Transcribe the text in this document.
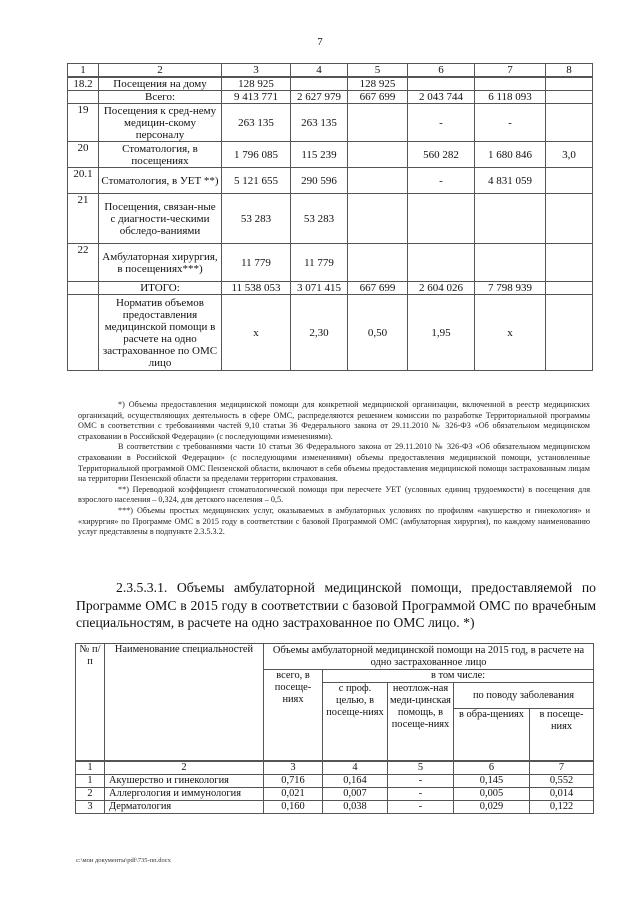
7
1	2	3	4	5	6	7	8
18.2	Посещения на дому	128 925		128 925			
	Всего:	9 413 771	2 627 979	667 699	2 043 744	6 118 093	
19	Посещения к сред-нему медицин-скому персоналу	263 135	263 135		-	-	
20	Стоматология, в посещениях	1 796 085	115 239		560 282	1 680 846	3,0
20.1	Стоматология, в УЕТ **)	5 121 655	290 596		-	4 831 059	
21	Посещения, связан-ные с диагности-ческими обследо-ваниями	53 283	53 283				
22	Амбулаторная хирургия, в посещениях***)	11 779	11 779				
	ИТОГО:	11 538 053	3 071 415	667 699	2 604 026	7 798 939	
	Норматив объемов предоставления медицинской помощи в расчете на одно застрахованное по ОМС лицо	х	2,30	0,50	1,95	х	

*) Объемы предоставления медицинской помощи для конкретной медицинской организации, включенной в реестр медицинских организаций, осуществляющих деятельность в сфере ОМС, распределяются решением комиссии по разработке Территориальной программы ОМС в соответствии с требованиями частей 9,10 статьи 36 Федерального закона от 29.11.2010 № 326-ФЗ «Об обязательном медицинском страховании в Российской Федерации» (с последующими изменениями).

В соответствии с требованиями части 10 статьи 36 Федерального закона от 29.11.2010 № 326-ФЗ «Об обязательном медицинском страховании в Российской Федерации» (с последующими изменениями) объемы предоставления медицинской помощи, установленные Территориальной программой ОМС Пензенской области, включают в себя объемы предоставления медицинской помощи застрахованным лицам на территории Пензенской области за пределами территории страхования.

**) Переводной коэффициент стоматологической помощи при пересчете УЕТ (условных единиц трудоемкости) в посещения для взрослого населения – 0,324, для детского населения – 0,5.

***) Объемы простых медицинских услуг, оказываемых в амбулаторных условиях по профилям «акушерство и гинекология» и «хирургия» по Программе ОМС в 2015 году в соответствии с базовой Программой ОМС (амбулаторная хирургия), по каждому наименованию услуг представлены в подпункте 2.3.5.3.2.

2.3.5.3.1. Объемы амбулаторной медицинской помощи, предоставляемой по Программе ОМС в 2015 году в соответствии с базовой Программой ОМС по врачебным специальностям, в расчете на одно застрахованное по ОМС лицо. *)
№ п/п	Наименование специальностей	Объемы амбулаторной медицинской помощи на 2015 год, в расчете на одно застрахованное лицо				
		всего, в посеще-ниях	в том числе:			
			с проф. целью, в посеще-ниях	неотлож-ная меди-цинская помощь, в посеще-ниях	по поводу заболевания	
					в обра-щениях	в посеще-ниях
1	2	3	4	5	6	7
1	Акушерство и гинекология	0,716	0,164	-	0,145	0,552
2	Аллергология и иммунология	0,021	0,007	-	0,005	0,014
3	Дерматология	0,160	0,038	-	0,029	0,122
c:\мои документы\pdf\735-пп.docx
